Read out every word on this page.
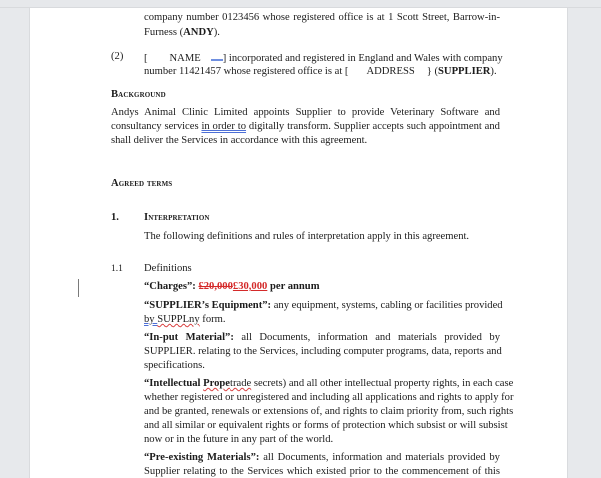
company number 0123456 whose registered office is at 1 Scott Street, Barrow-in-
Furness (ANDY).
(2) [ NAME ] incorporated and registered in England and Wales with company
number 11421457 whose registered office is at [ ADDRESS } (SUPPLIER).
Background
Andys Animal Clinic Limited appoints Supplier to provide Veterinary Software and
consultancy services in order to digitally transform. Supplier accepts such appointment and
shall deliver the Services in accordance with this agreement.
Agreed terms
1. Interpretation
The following definitions and rules of interpretation apply in this agreement.
1.1 Definitions
“Charges”: £20,000£30,000 per annum
“SUPPLIER’s Equipment”: any equipment, systems, cabling or facilities provided
by SUPPLny form.
“In-put Material”: all Documents, information and materials provided by
SUPPLIER. relating to the Services, including computer programs, data, reports and
specifications.
“Intellectual Propetrade secrets) and all other intellectual property rights, in each case
whether registered or unregistered and including all applications and rights to apply for
and be granted, renewals or extensions of, and rights to claim priority from, such rights
and all similar or equivalent rights or forms of protection which subsist or will subsist
now or in the future in any part of the world.
“Pre-existing Materials”: all Documents, information and materials provided by
Supplier relating to the Services which existed prior to the commencement of this
